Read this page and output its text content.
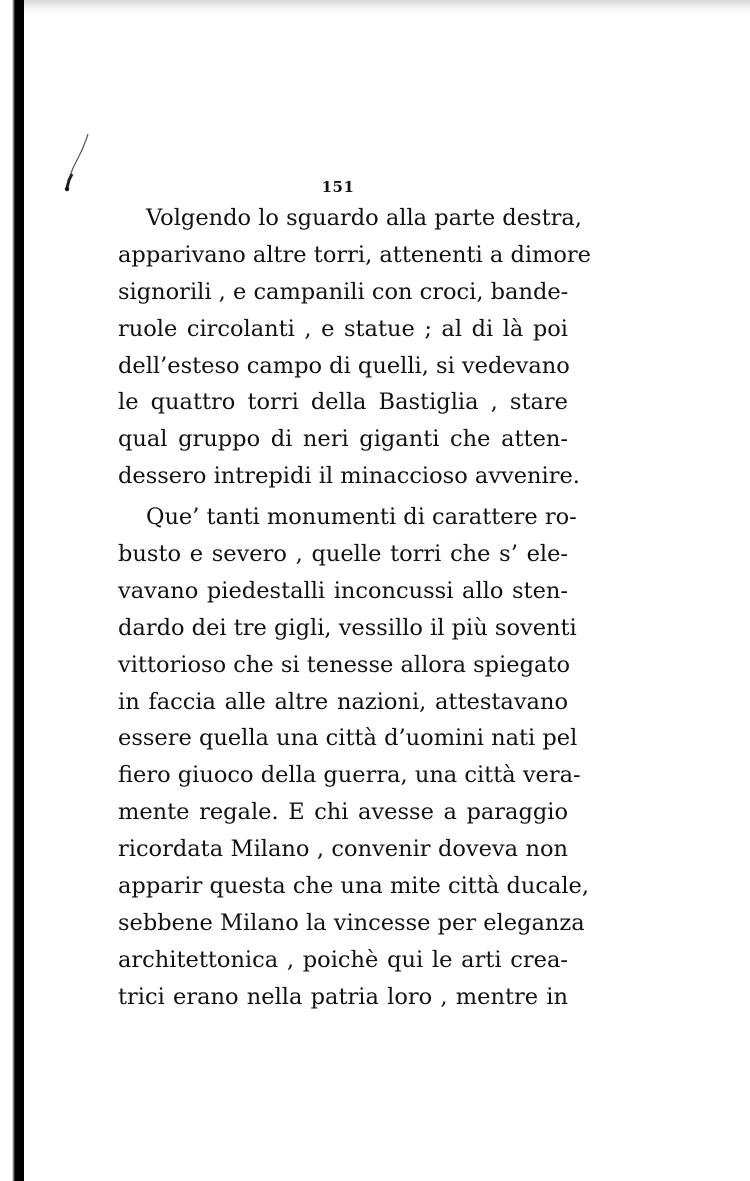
151
Volgendo lo sguardo alla parte destra,
apparivano altre torri, attenenti a dimore
signorili , e campanili con croci, bande-
ruole circolanti , e statue ; al di là poi
dell’esteso campo di quelli, si vedevano
le quattro torri della Bastiglia , stare
qual gruppo di neri giganti che atten-
dessero intrepidi il minaccioso avvenire.
Que’ tanti monumenti di carattere ro-
busto e severo , quelle torri che s’ ele-
vavano piedestalli inconcussi allo sten-
dardo dei tre gigli, vessillo il più soventi
vittorioso che si tenesse allora spiegato
in faccia alle altre nazioni, attestavano
essere quella una città d’uomini nati pel
fiero giuoco della guerra, una città vera-
mente regale. E chi avesse a paraggio
ricordata Milano , convenir doveva non
apparir questa che una mite città ducale,
sebbene Milano la vincesse per eleganza
architettonica , poichè qui le arti crea-
trici erano nella patria loro , mentre in
